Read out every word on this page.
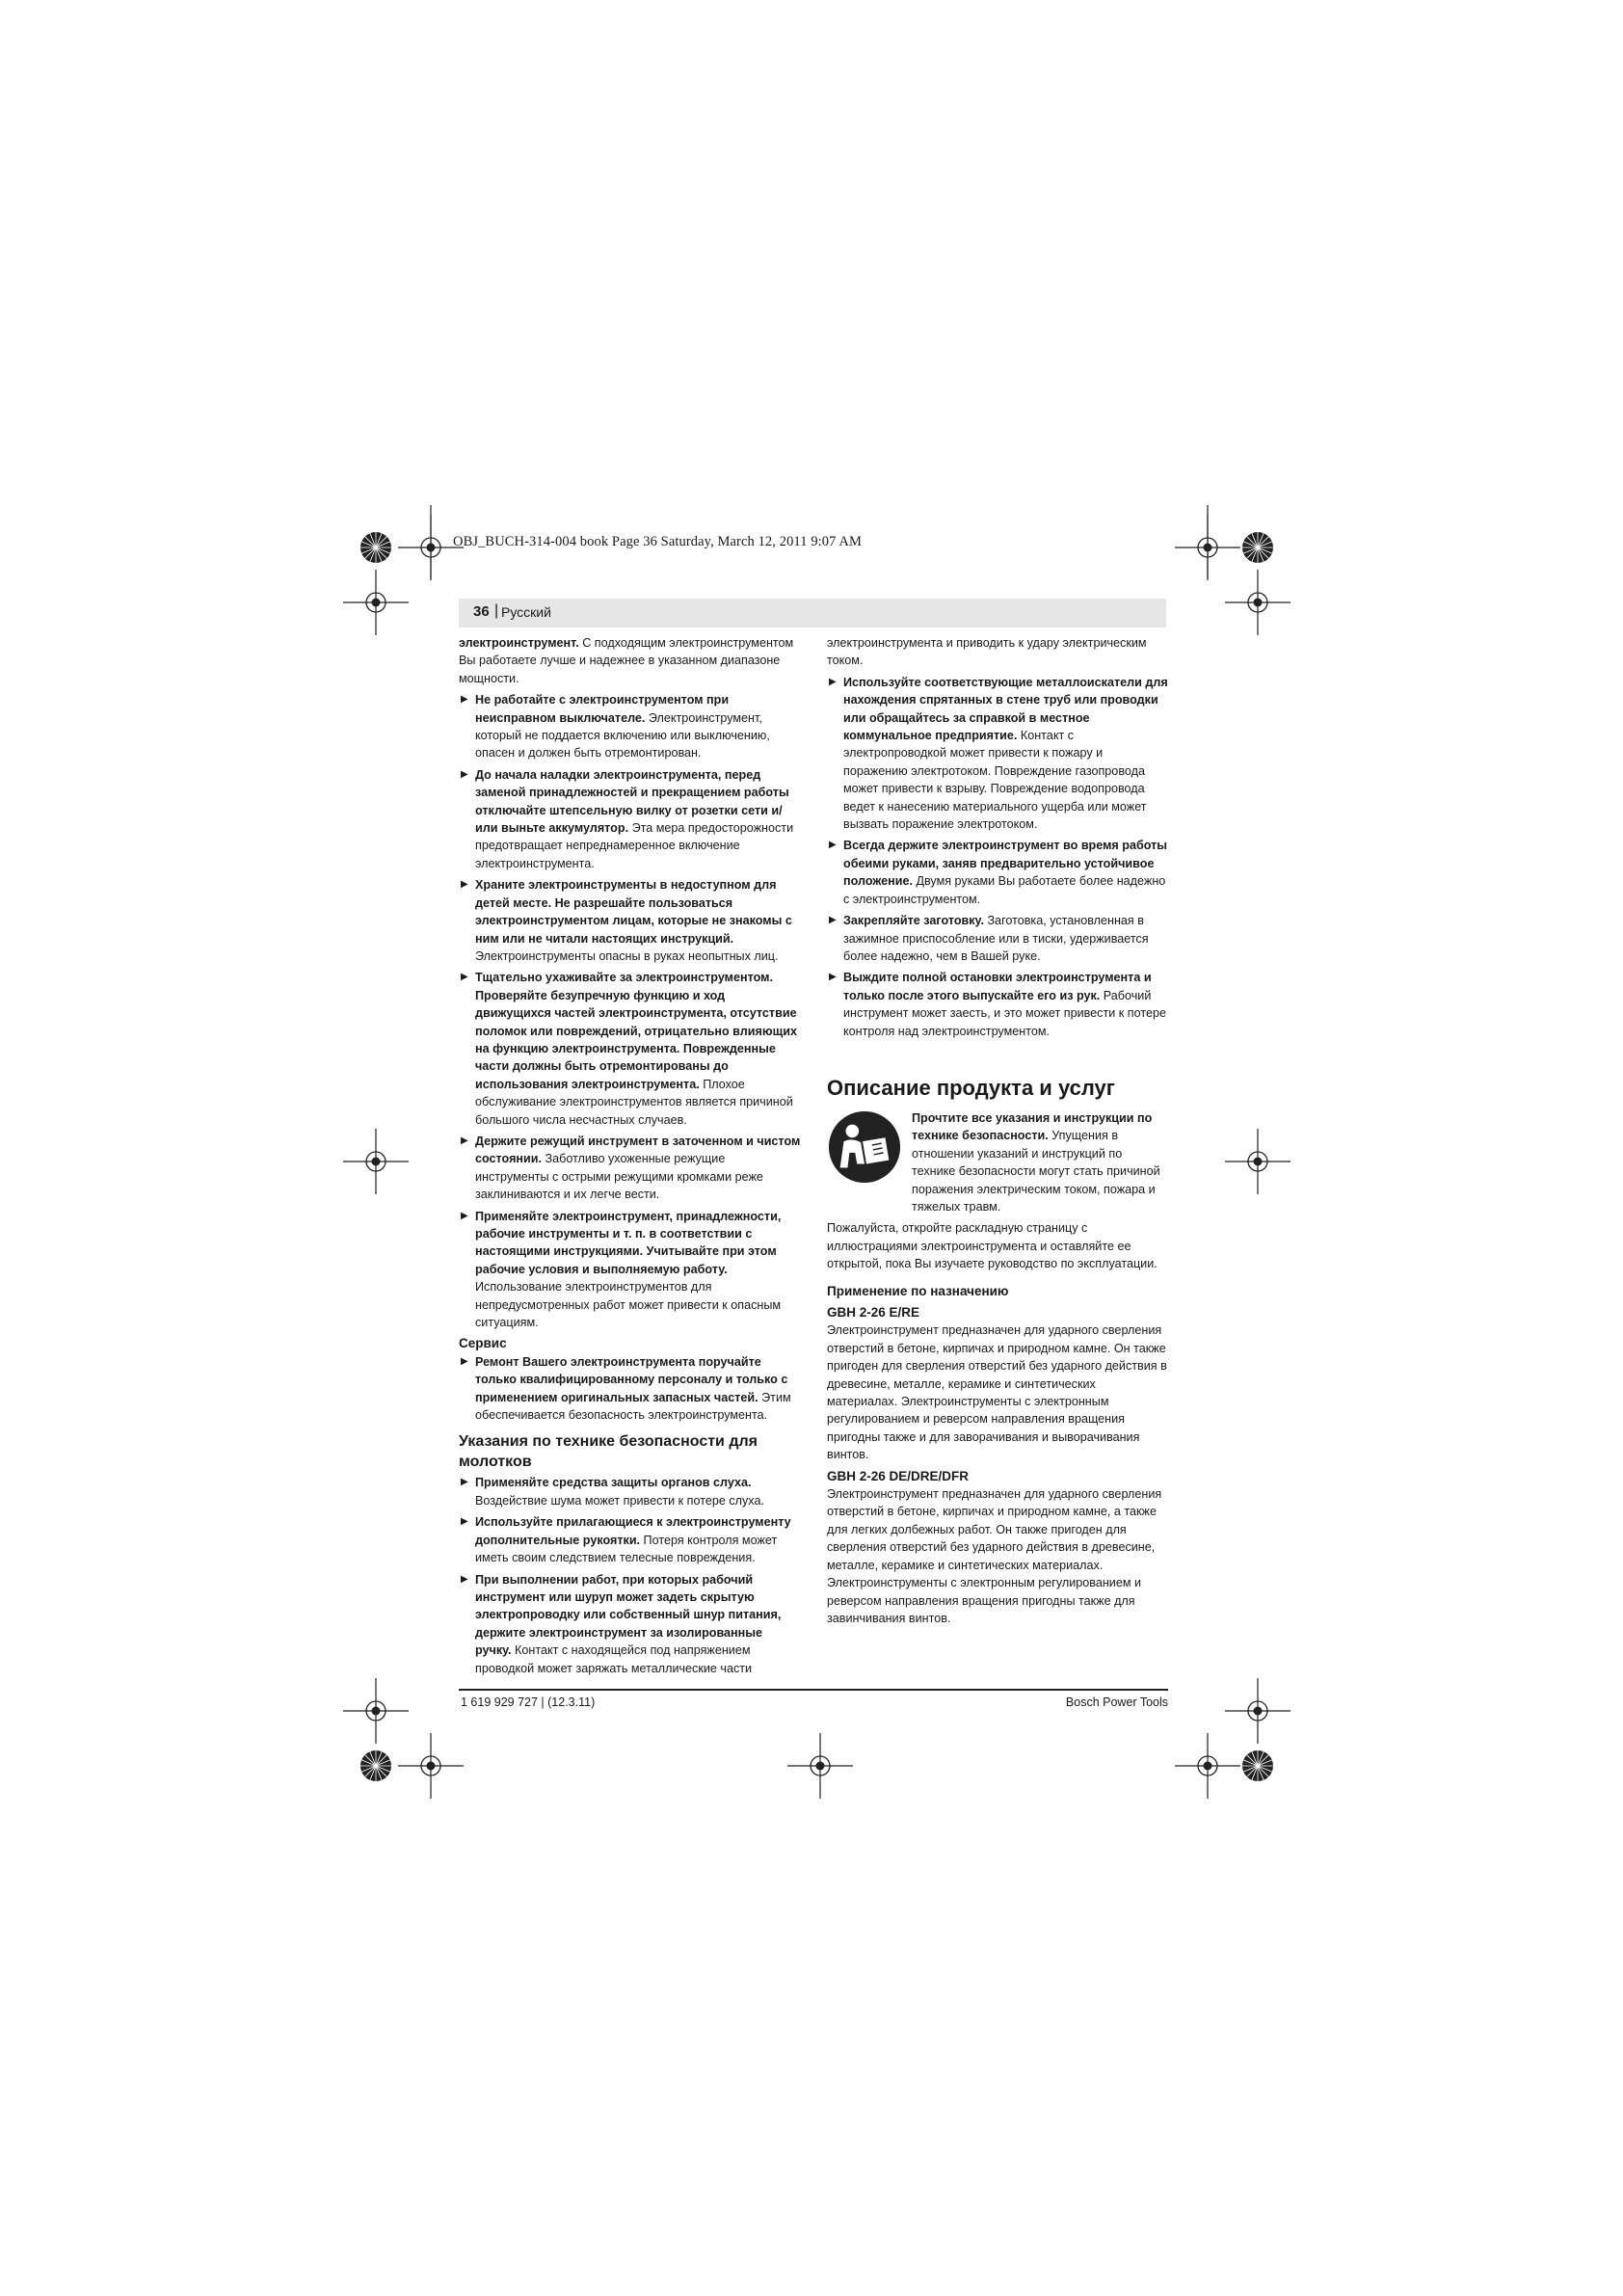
OBJ_BUCH-314-004 book Page 36 Saturday, March 12, 2011 9:07 AM
36 | Русский

электроинструмент. С подходящим электроинструментом Вы работаете лучше и надежнее в указанном диапазоне мощности.

▶ Не работайте с электроинструментом при неисправном выключателе. Электроинструмент, который не поддается включению или выключению, опасен и должен быть отремонтирован.
▶ До начала наладки электроинструмента, перед заменой принадлежностей и прекращением работы отключайте штепсельную вилку от розетки сети и/или выньте аккумулятор. Эта мера предосторожности предотвращает непреднамеренное включение электроинструмента.
▶ Храните электроинструменты в недоступном для детей месте. Не разрешайте пользоваться электроинструментом лицам, которые не знакомы с ним или не читали настоящих инструкций. Электроинструменты опасны в руках неопытных лиц.
▶ Тщательно ухаживайте за электроинструментом. Проверяйте безупречную функцию и ход движущихся частей электроинструмента, отсутствие поломок или повреждений, отрицательно влияющих на функцию электроинструмента. Поврежденные части должны быть отремонтированы до использования электроинструмента. Плохое обслуживание электроинструментов является причиной большого числа несчастных случаев.
▶ Держите режущий инструмент в заточенном и чистом состоянии. Заботливо ухоженные режущие инструменты с острыми режущими кромками реже заклиниваются и их легче вести.
▶ Применяйте электроинструмент, принадлежности, рабочие инструменты и т. п. в соответствии с настоящими инструкциями. Учитывайте при этом рабочие условия и выполняемую работу. Использование электроинструментов для непредусмотренных работ может привести к опасным ситуациям.
Сервис
▶ Ремонт Вашего электроинструмента поручайте только квалифицированному персоналу и только с применением оригинальных запасных частей. Этим обеспечивается безопасность электроинструмента.
Указания по технике безопасности для молотков
▶ Применяйте средства защиты органов слуха. Воздействие шума может привести к потере слуха.
▶ Используйте прилагающиеся к электроинструменту дополнительные рукоятки. Потеря контроля может иметь своим следствием телесные повреждения.
▶ При выполнении работ, при которых рабочий инструмент или шуруп может задеть скрытую электропроводку или собственный шнур питания, держите электроинструмент за изолированные ручку. Контакт с находящейся под напряжением проводкой может заряжать металлические части

электроинструмента и приводить к удару электрическим током.

▶ Используйте соответствующие металлоискатели для нахождения спрятанных в стене труб или проводки или обращайтесь за справкой в местное коммунальное предприятие. Контакт с электропроводкой может привести к пожару и поражению электротоком. Повреждение газопровода может привести к взрыву. Повреждение водопровода ведет к нанесению материального ущерба или может вызвать поражение электротоком.
▶ Всегда держите электроинструмент во время работы обеими руками, заняв предварительно устойчивое положение. Двумя руками Вы работаете более надежно с электроинструментом.
▶ Закрепляйте заготовку. Заготовка, установленная в зажимное приспособление или в тиски, удерживается более надежно, чем в Вашей руке.
▶ Выждите полной остановки электроинструмента и только после этого выпускайте его из рук. Рабочий инструмент может заесть, и это может привести к потере контроля над электроинструментом.
Описание продукта и услуг

Прочтите все указания и инструкции по технике безопасности. Упущения в отношении указаний и инструкций по технике безопасности могут стать причиной поражения электрическим током, пожара и тяжелых травм.

Пожалуйста, откройте раскладную страницу с иллюстрациями электроинструмента и оставляйте ее открытой, пока Вы изучаете руководство по эксплуатации.

Применение по назначению
GBH 2-26 E/RE

Электроинструмент предназначен для ударного сверления отверстий в бетоне, кирпичах и природном камне. Он также пригоден для сверления отверстий без ударного действия в древесине, металле, керамике и синтетических материалах. Электроинструменты с электронным регулированием и реверсом направления вращения пригодны также и для заворачивания и выворачивания винтов.

GBH 2-26 DE/DRE/DFR

Электроинструмент предназначен для ударного сверления отверстий в бетоне, кирпичах и природном камне, а также для легких долбежных работ. Он также пригоден для сверления отверстий без ударного действия в древесине, металле, керамике и синтетических материалах. Электроинструменты с электронным регулированием и реверсом направления вращения пригодны также для завинчивания винтов.

1 619 929 727 | (12.3.11)	Bosch Power Tools
